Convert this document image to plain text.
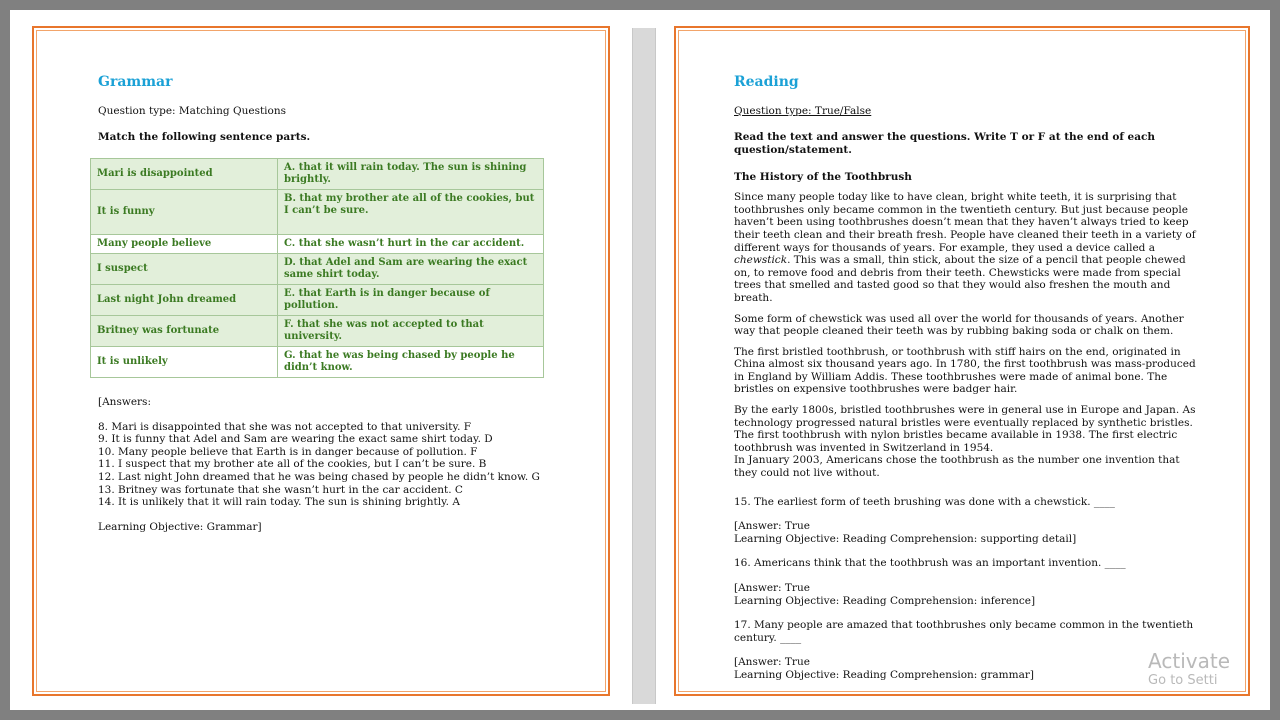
Grammar
Question type: Matching Questions
Match the following sentence parts.
Mari is disappointed	A. that it will rain today. The sun is shining brightly.
It is funny	B. that my brother ate all of the cookies, but I can’t be sure.
Many people believe	C. that she wasn’t hurt in the car accident.
I suspect	D. that Adel and Sam are wearing the exact same shirt today.
Last night John dreamed	E. that Earth is in danger because of pollution.
Britney was fortunate	F. that she was not accepted to that university.
It is unlikely	G. that he was being chased by people he didn’t know.

[Answers:

8. Mari is disappointed that she was not accepted to that university. F

9. It is funny that Adel and Sam are wearing the exact same shirt today. D

10. Many people believe that Earth is in danger because of pollution. F

11. I suspect that my brother ate all of the cookies, but I can’t be sure. B

12. Last night John dreamed that he was being chased by people he didn’t know. G

13. Britney was fortunate that she wasn’t hurt in the car accident. C

14. It is unlikely that it will rain today. The sun is shining brightly. A

Learning Objective: Grammar]

Reading
Question type: True/False
Read the text and answer the questions. Write T or F at the end of each question/statement.
The History of the Toothbrush

Since many people today like to have clean, bright white teeth, it is surprising that toothbrushes only became common in the twentieth century. But just because people haven’t been using toothbrushes doesn’t mean that they haven’t always tried to keep their teeth clean and their breath fresh. People have cleaned their teeth in a variety of different ways for thousands of years. For example, they used a device called a chewstick. This was a small, thin stick, about the size of a pencil that people chewed on, to remove food and debris from their teeth. Chewsticks were made from special trees that smelled and tasted good so that they would also freshen the mouth and breath.

Some form of chewstick was used all over the world for thousands of years. Another way that people cleaned their teeth was by rubbing baking soda or chalk on them.

The first bristled toothbrush, or toothbrush with stiff hairs on the end, originated in China almost six thousand years ago. In 1780, the first toothbrush was mass-produced in England by William Addis. These toothbrushes were made of animal bone. The bristles on expensive toothbrushes were badger hair.

By the early 1800s, bristled toothbrushes were in general use in Europe and Japan. As technology progressed natural bristles were eventually replaced by synthetic bristles. The first toothbrush with nylon bristles became available in 1938. The first electric toothbrush was invented in Switzerland in 1954.

In January 2003, Americans chose the toothbrush as the number one invention that they could not live without.

15. The earliest form of teeth brushing was done with a chewstick. ____

[Answer: True

Learning Objective: Reading Comprehension: supporting detail]

16. Americans think that the toothbrush was an important invention. ____

[Answer: True

Learning Objective: Reading Comprehension: inference]

17. Many people are amazed that toothbrushes only became common in the twentieth century. ____

[Answer: True

Learning Objective: Reading Comprehension: grammar]

Activate
Go to Setti
